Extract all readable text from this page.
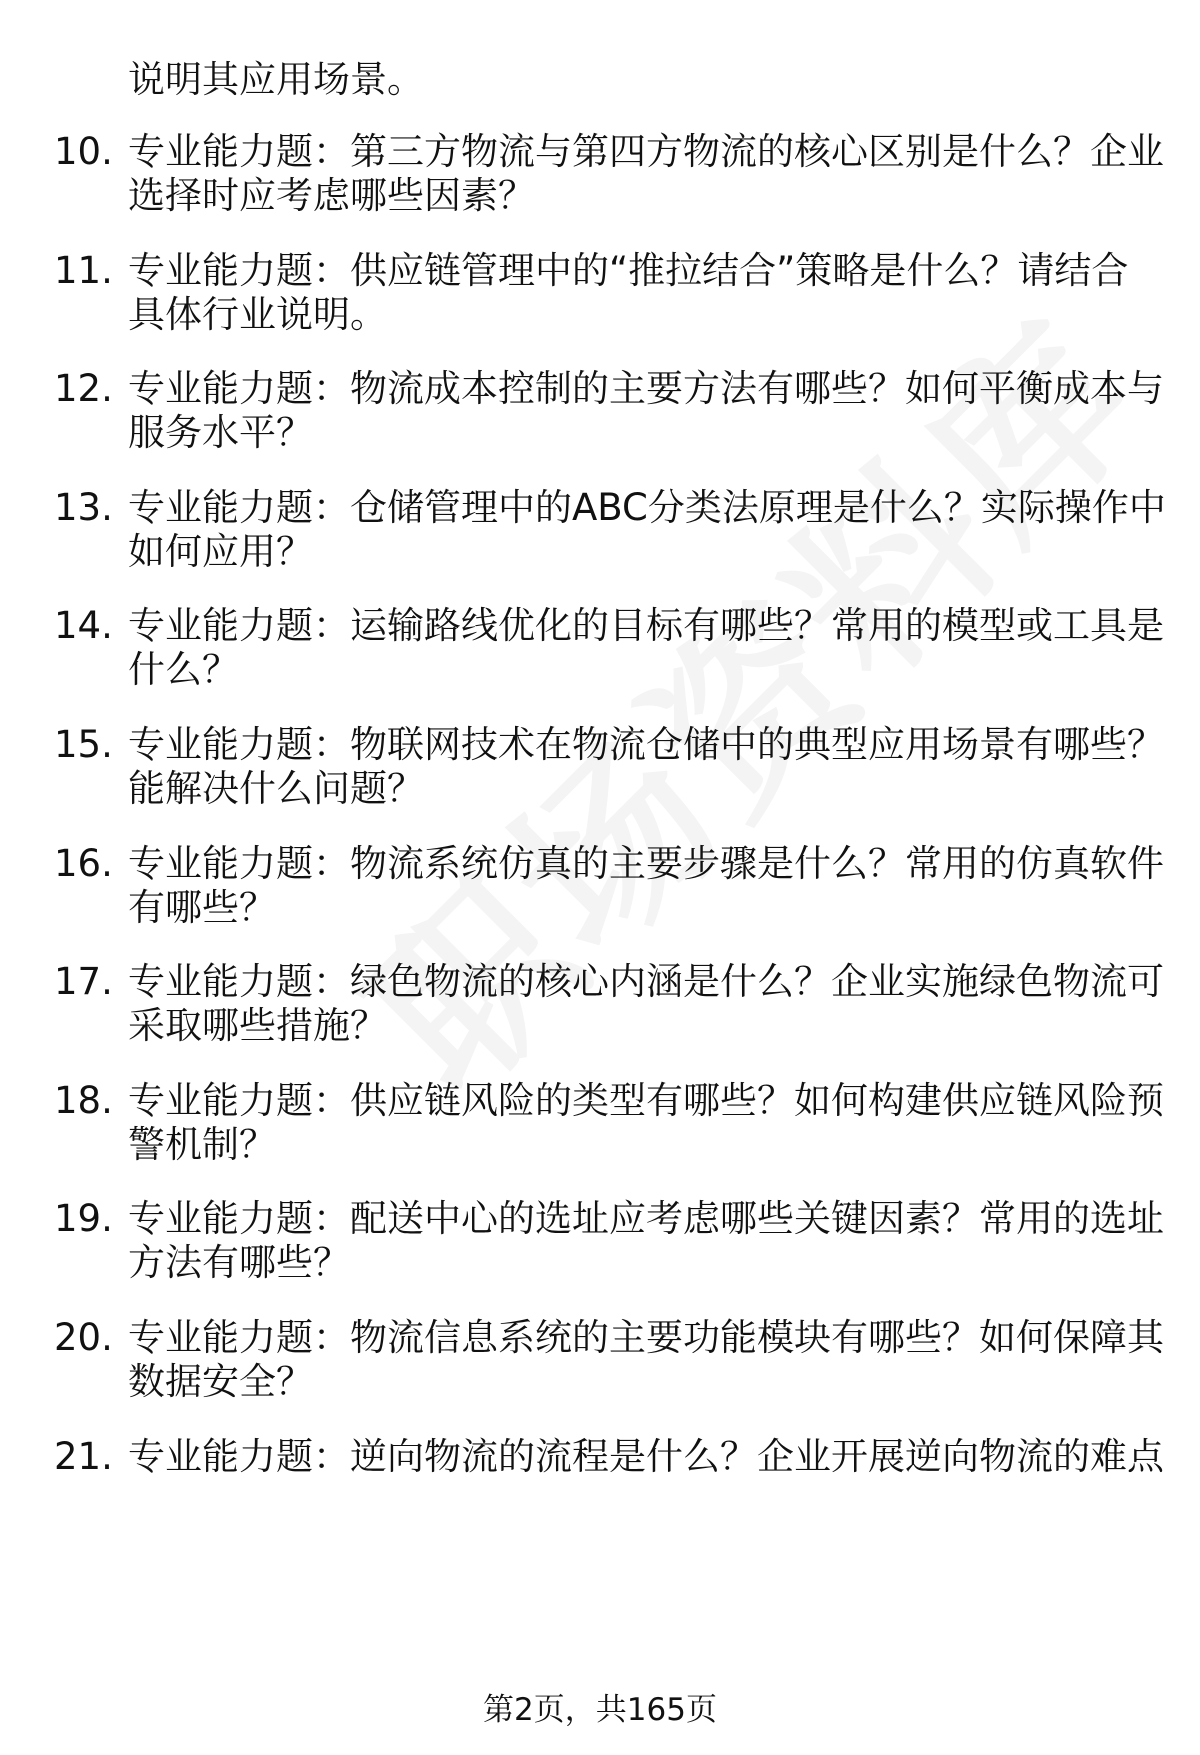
说明其应用场景。
10. 专业能力题：第三方物流与第四方物流的核心区别是什么？企业
选择时应考虑哪些因素？
11. 专业能力题：供应链管理中的“推拉结合”策略是什么？请结合
具体行业说明。
12. 专业能力题：物流成本控制的主要方法有哪些？如何平衡成本与
服务水平？
13. 专业能力题：仓储管理中的ABC分类法原理是什么？实际操作中
如何应用？
14. 专业能力题：运输路线优化的目标有哪些？常用的模型或工具是
什么？
15. 专业能力题：物联网技术在物流仓储中的典型应用场景有哪些？
能解决什么问题？
16. 专业能力题：物流系统仿真的主要步骤是什么？常用的仿真软件
有哪些？
17. 专业能力题：绿色物流的核心内涵是什么？企业实施绿色物流可
采取哪些措施？
18. 专业能力题：供应链风险的类型有哪些？如何构建供应链风险预
警机制？
19. 专业能力题：配送中心的选址应考虑哪些关键因素？常用的选址
方法有哪些？
20. 专业能力题：物流信息系统的主要功能模块有哪些？如何保障其
数据安全？
21. 专业能力题：逆向物流的流程是什么？企业开展逆向物流的难点
第2页，共165页
